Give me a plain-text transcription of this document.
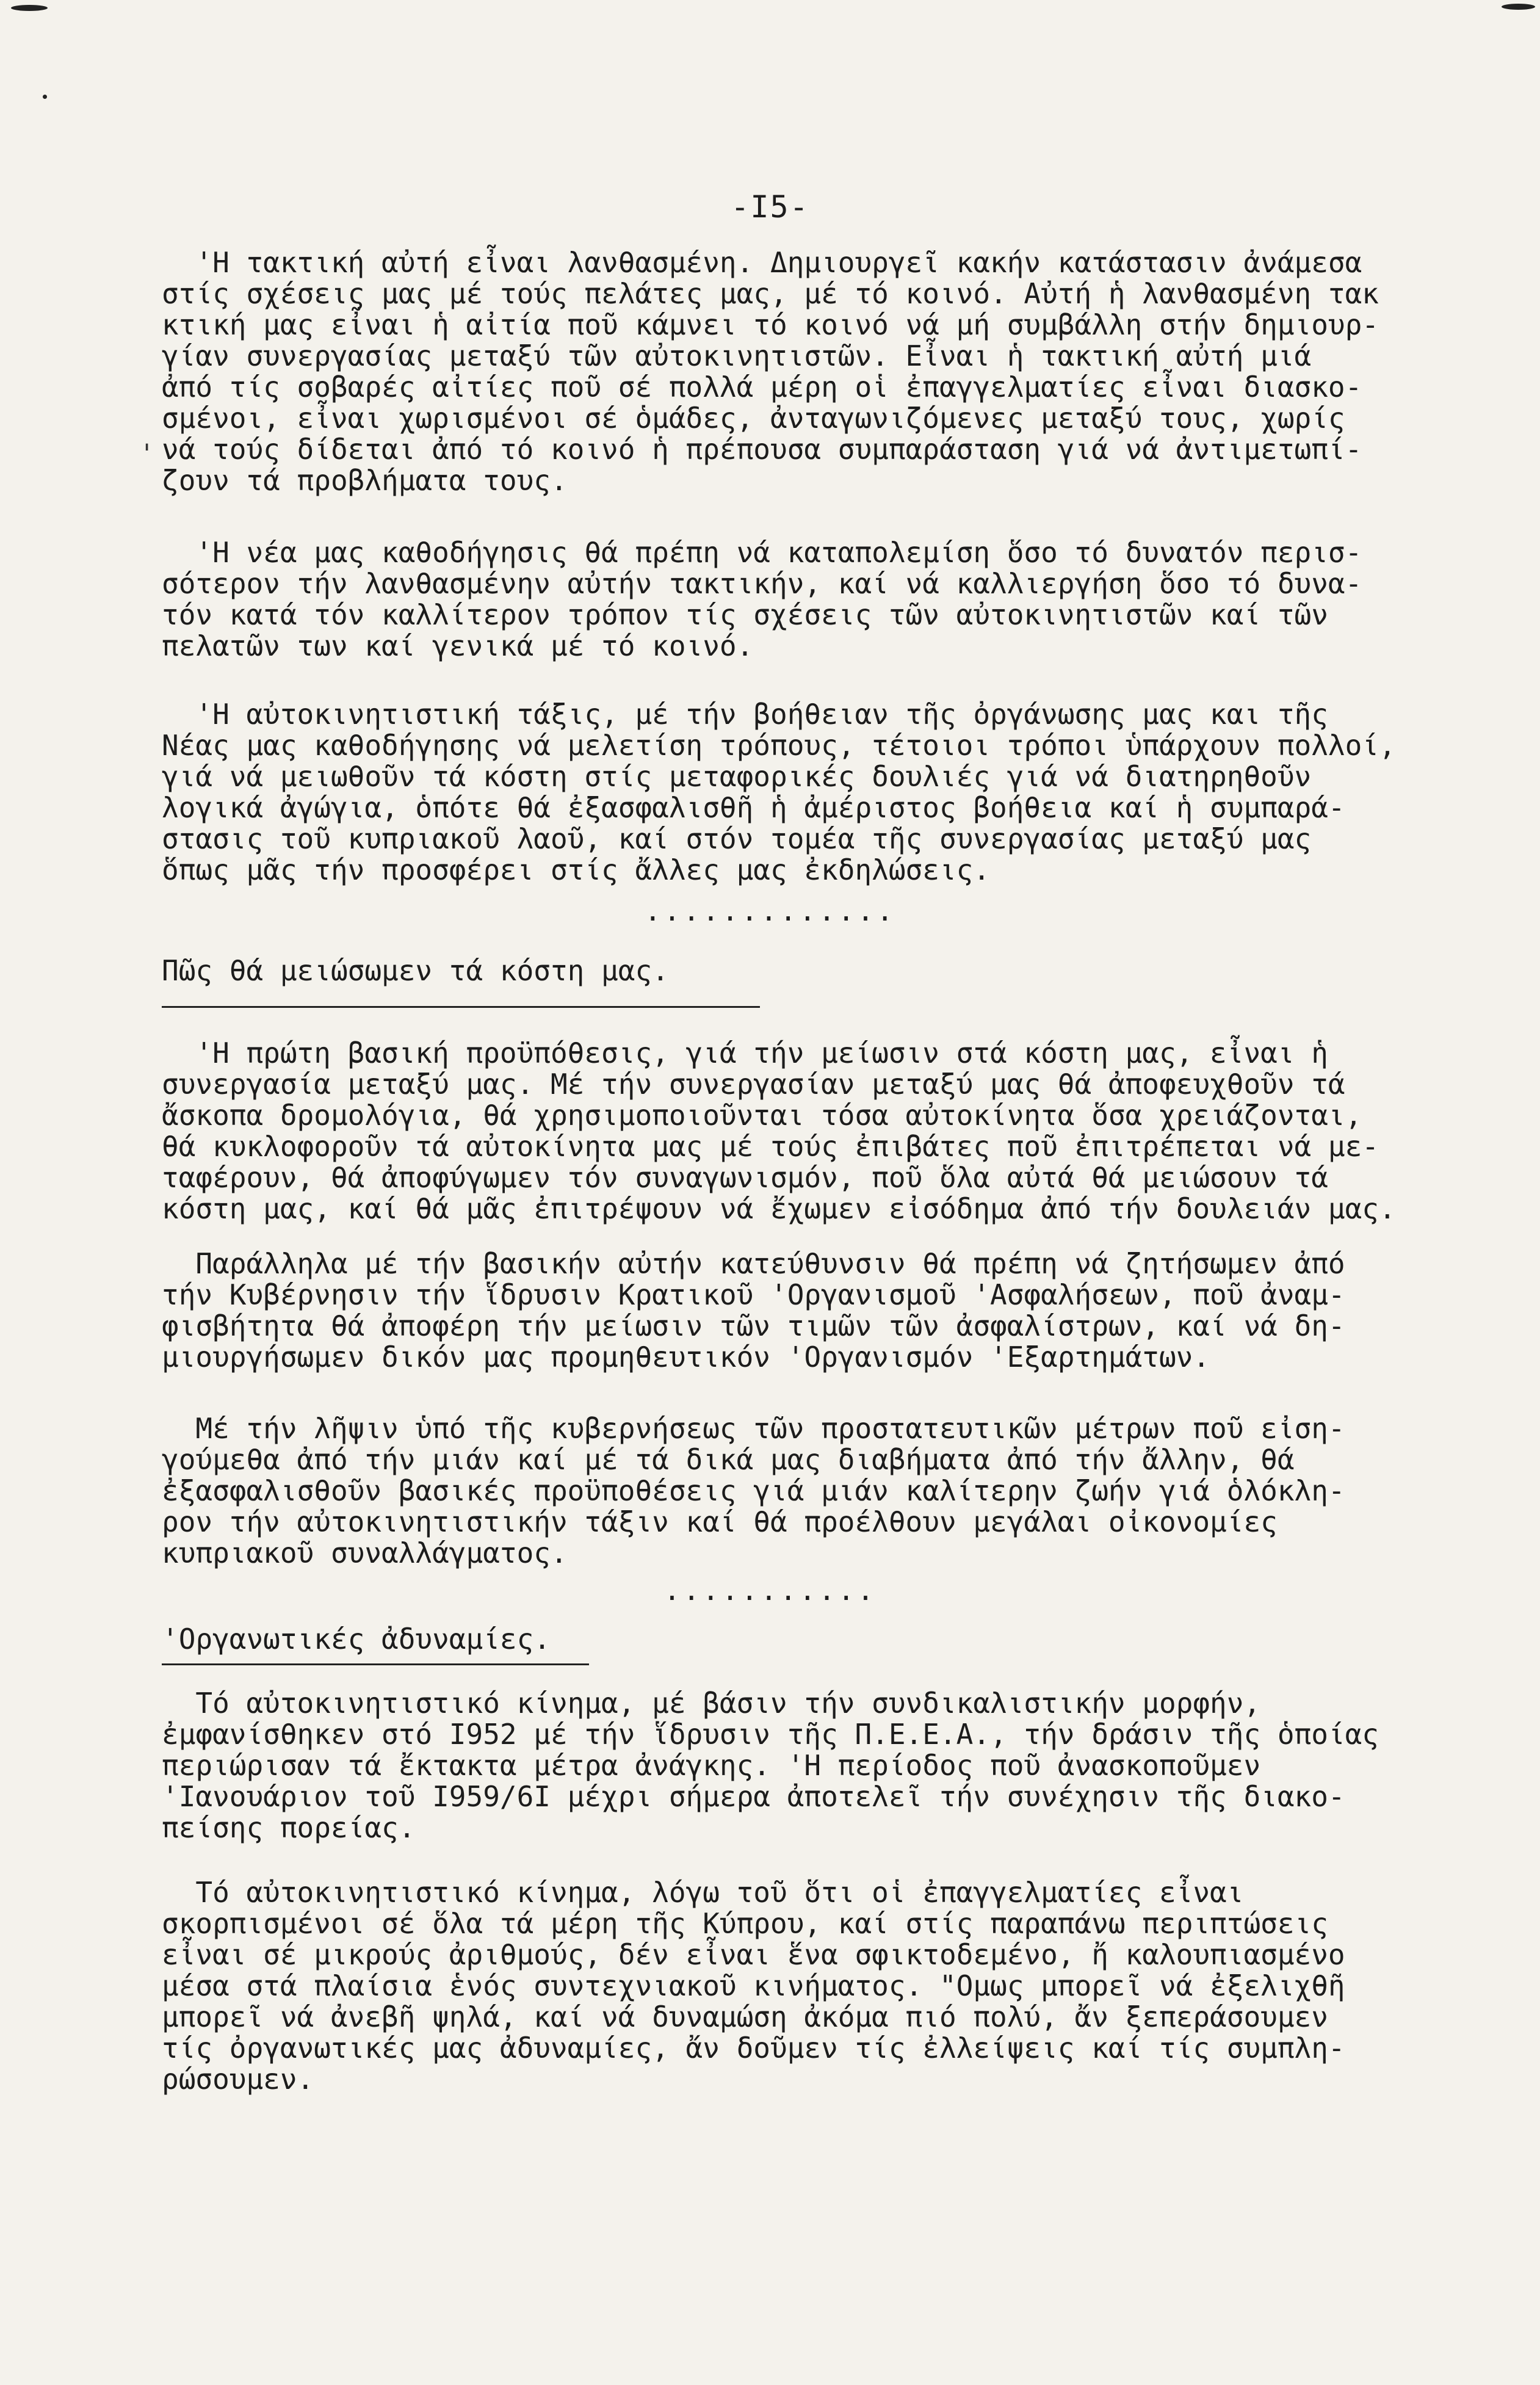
-I5-
'

'Η τακτική αὐτή εἶναι λανθασμένη. Δημιουργεῖ κακήν κατάστασιν ἀνάμεσα
στίς σχέσεις μας μέ τούς πελάτες μας, μέ τό κοινό. Αὐτή ἡ λανθασμένη τακ
κτική μας εἶναι ἡ αἰτία ποῦ κάμνει τό κοινό νά μή συμβάλλη στήν δημιουρ-
γίαν συνεργασίας μεταξύ τῶν αὐτοκινητιστῶν. Εἶναι ἡ τακτική αὐτή μιά
ἀπό τίς σοβαρές αἰτίες ποῦ σέ πολλά μέρη οἱ ἐπαγγελματίες εἶναι διασκο-
σμένοι, εἶναι χωρισμένοι σέ ὁμάδες, ἀνταγωνιζόμενες μεταξύ τους, χωρίς
νά τούς δίδεται ἀπό τό κοινό ἡ πρέπουσα συμπαράσταση γιά νά ἀντιμετωπί-
ζουν τά προβλήματα τους.

'Η νέα μας καθοδήγησις θά πρέπη νά καταπολεμίση ὅσο τό δυνατόν περισ-
σότερον τήν λανθασμένην αὐτήν τακτικήν, καί νά καλλιεργήση ὅσο τό δυνα-
τόν κατά τόν καλλίτερον τρόπον τίς σχέσεις τῶν αὐτοκινητιστῶν καί τῶν
πελατῶν των καί γενικά μέ τό κοινό.

'Η αὐτοκινητιστική τάξις, μέ τήν βοήθειαν τῆς ὀργάνωσης μας και τῆς
Νέας μας καθοδήγησης νά μελετίση τρόπους, τέτοιοι τρόποι ὑπάρχουν πολλοί,
γιά νά μειωθοῦν τά κόστη στίς μεταφορικές δουλιές γιά νά διατηρηθοῦν
λογικά ἀγώγια, ὁπότε θά ἐξασφαλισθῆ ἡ ἀμέριστος βοήθεια καί ἡ συμπαρά-
στασις τοῦ κυπριακοῦ λαοῦ, καί στόν τομέα τῆς συνεργασίας μεταξύ μας
ὅπως μᾶς τήν προσφέρει στίς ἄλλες μας ἐκδηλώσεις.

.............
Πῶς θά μειώσωμεν τά κόστη μας.

'Η πρώτη βασική προϋπόθεσις, γιά τήν μείωσιν στά κόστη μας, εἶναι ἡ
συνεργασία μεταξύ μας. Μέ τήν συνεργασίαν μεταξύ μας θά ἀποφευχθοῦν τά
ἄσκοπα δρομολόγια, θά χρησιμοποιοῦνται τόσα αὐτοκίνητα ὅσα χρειάζονται,
θά κυκλοφοροῦν τά αὐτοκίνητα μας μέ τούς ἐπιβάτες ποῦ ἐπιτρέπεται νά με-
ταφέρουν, θά ἀποφύγωμεν τόν συναγωνισμόν, ποῦ ὅλα αὐτά θά μειώσουν τά
κόστη μας, καί θά μᾶς ἐπιτρέψουν νά ἔχωμεν εἰσόδημα ἀπό τήν δουλειάν μας.

Παράλληλα μέ τήν βασικήν αὐτήν κατεύθυνσιν θά πρέπη νά ζητήσωμεν ἀπό
τήν Κυβέρνησιν τήν ἵδρυσιν Κρατικοῦ 'Οργανισμοῦ 'Ασφαλήσεων, ποῦ ἀναμ-
φισβήτητα θά ἀποφέρη τήν μείωσιν τῶν τιμῶν τῶν ἀσφαλίστρων, καί νά δη-
μιουργήσωμεν δικόν μας προμηθευτικόν 'Οργανισμόν 'Εξαρτημάτων.

Μέ τήν λῆψιν ὑπό τῆς κυβερνήσεως τῶν προστατευτικῶν μέτρων ποῦ εἰση-
γούμεθα ἀπό τήν μιάν καί μέ τά δικά μας διαβήματα ἀπό τήν ἄλλην, θά
ἐξασφαλισθοῦν βασικές προϋποθέσεις γιά μιάν καλίτερην ζωήν γιά ὁλόκλη-
ρον τήν αὐτοκινητιστικήν τάξιν καί θά προέλθουν μεγάλαι οἰκονομίες
κυπριακοῦ συναλλάγματος.

...........
'Οργανωτικές ἀδυναμίες.

Τό αὐτοκινητιστικό κίνημα, μέ βάσιν τήν συνδικαλιστικήν μορφήν,
ἐμφανίσθηκεν στό I952 μέ τήν ἵδρυσιν τῆς Π.Ε.Ε.Α., τήν δράσιν τῆς ὁποίας
περιώρισαν τά ἔκτακτα μέτρα ἀνάγκης. 'Η περίοδος ποῦ ἀνασκοποῦμεν
'Ιανουάριον τοῦ I959/6I μέχρι σήμερα ἀποτελεῖ τήν συνέχησιν τῆς διακο-
πείσης πορείας.

Τό αὐτοκινητιστικό κίνημα, λόγω τοῦ ὅτι οἱ ἐπαγγελματίες εἶναι
σκορπισμένοι σέ ὅλα τά μέρη τῆς Κύπρου, καί στίς παραπάνω περιπτώσεις
εἶναι σέ μικρούς ἀριθμούς, δέν εἶναι ἕνα σφικτοδεμένο, ἤ καλουπιασμένο
μέσα στά πλαίσια ἑνός συντεχνιακοῦ κινήματος. "Ομως μπορεῖ νά ἐξελιχθῆ
μπορεῖ νά ἀνεβῆ ψηλά, καί νά δυναμώση ἀκόμα πιό πολύ, ἄν ξεπεράσουμεν
τίς ὀργανωτικές μας ἀδυναμίες, ἄν δοῦμεν τίς ἐλλείψεις καί τίς συμπλη-
ρώσουμεν.
